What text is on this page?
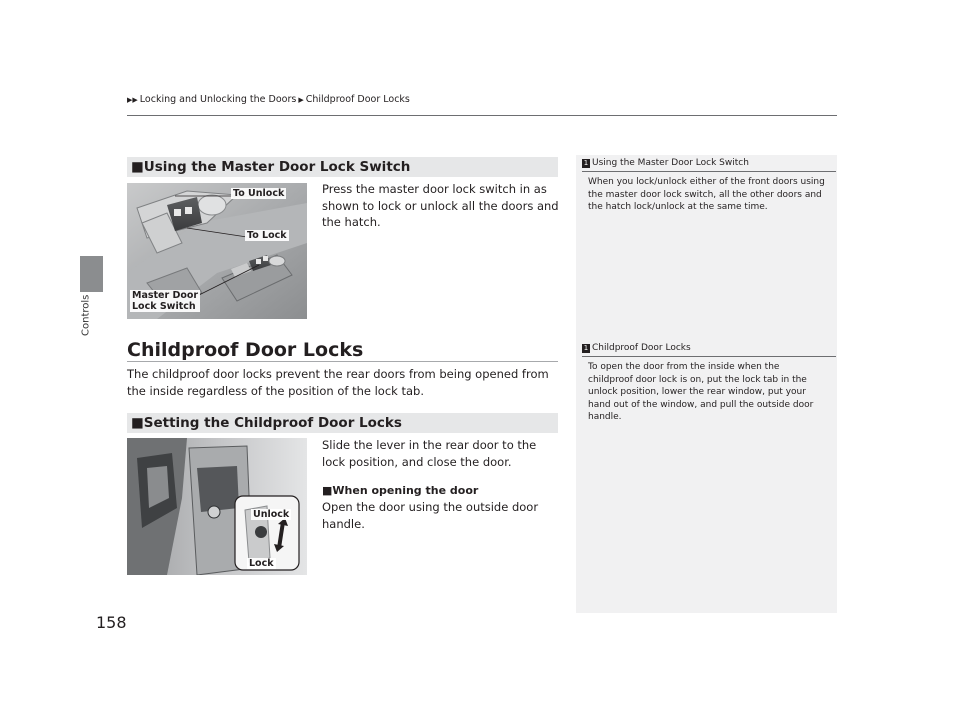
Controls
▶▶ Locking and Unlocking the Doors ▶ Childproof Door Locks
■Using the Master Door Lock Switch
To Unlock
To Lock
Master Door
Lock Switch
Press the master door lock switch in as shown to lock or unlock all the doors and the hatch.
Childproof Door Locks
The childproof door locks prevent the rear doors from being opened from the inside regardless of the position of the lock tab.
■Setting the Childproof Door Locks
Unlock
Lock
Slide the lever in the rear door to the lock position, and close the door.
■When opening the door
Open the door using the outside door handle.
1 Using the Master Door Lock Switch
When you lock/unlock either of the front doors using the master door lock switch, all the other doors and the hatch lock/unlock at the same time.
1 Childproof Door Locks
To open the door from the inside when the childproof door lock is on, put the lock tab in the unlock position, lower the rear window, put your hand out of the window, and pull the outside door handle.
158
